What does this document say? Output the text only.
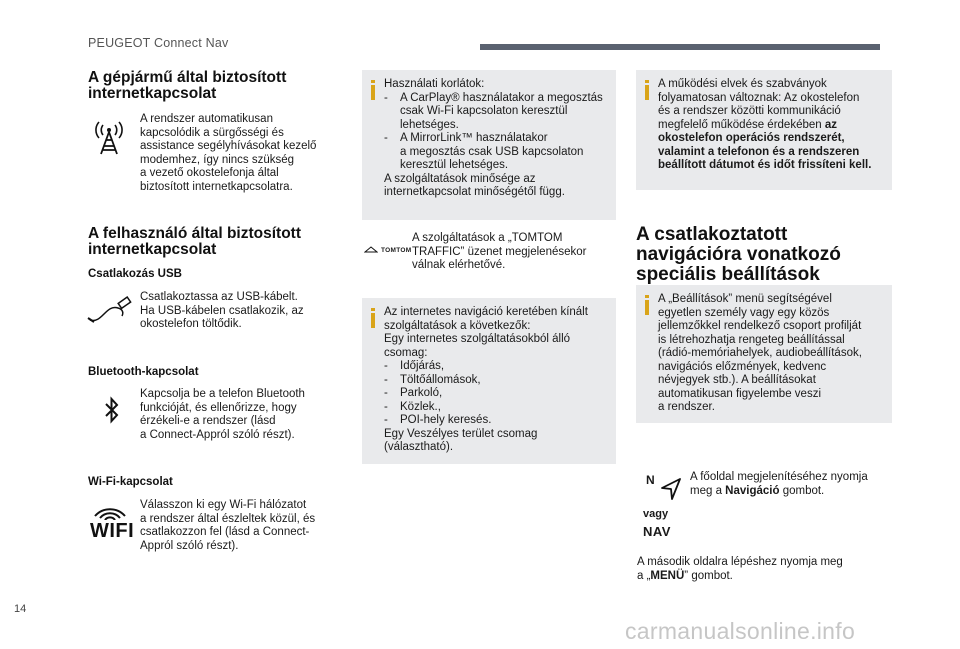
PEUGEOT Connect Nav
14
A gépjármű által biztosított
internetkapcsolat
A rendszer automatikusan
kapcsolódik a sürgősségi és
assistance segélyhívásokat kezelő
modemhez, így nincs szükség
a vezető okostelefonja által
biztosított internetkapcsolatra.
A felhasználó által biztosított
internetkapcsolat
Csatlakozás USB
Csatlakoztassa az USB-kábelt.
Ha USB-kábelen csatlakozik, az
okostelefon töltődik.
Bluetooth-kapcsolat
Kapcsolja be a telefon Bluetooth
funkcióját, és ellenőrizze, hogy
érzékeli-e a rendszer (lásd
a Connect-Appról szóló részt).
Wi-Fi-kapcsolat
WIFI
Válasszon ki egy Wi-Fi hálózatot
a rendszer által észleltek közül, és
csatlakozzon fel (lásd a Connect-
Appról szóló részt).
Használati korlátok:
-	A CarPlay® használatakor a megosztás
csak Wi-Fi kapcsolaton keresztül
lehetséges.
-	A MirrorLink™ használatakor
a megosztás csak USB kapcsolaton
keresztül lehetséges.
A szolgáltatások minősége az
internetkapcsolat minőségétől függ.
TOMTOM
A szolgáltatások a „TOMTOM
TRAFFIC” üzenet megjelenésekor
válnak elérhetővé.
Az internetes navigáció keretében kínált
szolgáltatások a következők:
Egy internetes szolgáltatásokból álló
csomag:
-	Időjárás,
-	Töltőállomások,
-	Parkoló,
-	Közlek.,
-	POI-hely keresés.
Egy Veszélyes terület csomag
(választható).
A működési elvek és szabványok
folyamatosan változnak: Az okostelefon
és a rendszer közötti kommunikáció
megfelelő működése érdekében az
okostelefon operációs rendszerét,
valamint a telefonon és a rendszeren
beállított dátumot és időt frissíteni kell.
A csatlakoztatott
navigációra vonatkozó
speciális beállítások
A „Beállítások” menü segítségével
egyetlen személy vagy egy közös
jellemzőkkel rendelkező csoport profilját
is létrehozhatja rengeteg beállítással
(rádió-memóriahelyek, audiobeállítások,
navigációs előzmények, kedvenc
névjegyek stb.). A beállításokat
automatikusan figyelembe veszi
a rendszer.
N
vagy
NAV
A főoldal megjelenítéséhez nyomja
meg a Navigáció gombot.
A második oldalra lépéshez nyomja meg
a „MENÜ” gombot.
carmanualsonline.info
